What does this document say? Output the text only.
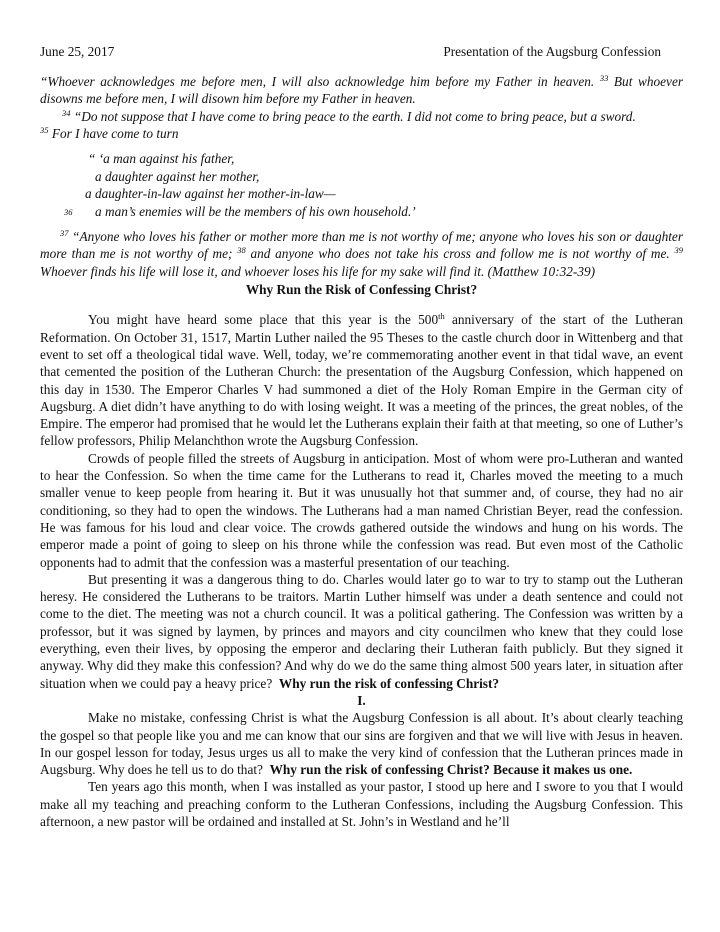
June 25, 2017	Presentation of the Augsburg Confession

“Whoever acknowledges me before men, I will also acknowledge him before my Father in heaven. $^{33}$ But whoever disowns me before men, I will disown him before my Father in heaven.
$^{34}$ “Do not suppose that I have come to bring peace to the earth. I did not come to bring peace, but a sword.
$^{35}$ For I have come to turn

“ ‘a man against his father,
a daughter against her mother,
a daughter-in-law against her mother-in-law—
36 a man’s enemies will be the members of his own household.’

$^{37}$ “Anyone who loves his father or mother more than me is not worthy of me; anyone who loves his son or daughter more than me is not worthy of me; $^{38}$ and anyone who does not take his cross and follow me is not worthy of me. $^{39}$ Whoever finds his life will lose it, and whoever loses his life for my sake will find it. (Matthew 10:32-39)

Why Run the Risk of Confessing Christ?

You might have heard some place that this year is the 500th anniversary of the start of the Lutheran Reformation. On October 31, 1517, Martin Luther nailed the 95 Theses to the castle church door in Wittenberg and that event to set off a theological tidal wave. Well, today, we’re commemorating another event in that tidal wave, an event that cemented the position of the Lutheran Church: the presentation of the Augsburg Confession, which happened on this day in 1530. The Emperor Charles V had summoned a diet of the Holy Roman Empire in the German city of Augsburg. A diet didn’t have anything to do with losing weight. It was a meeting of the princes, the great nobles, of the Empire. The emperor had promised that he would let the Lutherans explain their faith at that meeting, so one of Luther’s fellow professors, Philip Melanchthon wrote the Augsburg Confession.

Crowds of people filled the streets of Augsburg in anticipation. Most of whom were pro-Lutheran and wanted to hear the Confession. So when the time came for the Lutherans to read it, Charles moved the meeting to a much smaller venue to keep people from hearing it. But it was unusually hot that summer and, of course, they had no air conditioning, so they had to open the windows. The Lutherans had a man named Christian Beyer, read the confession. He was famous for his loud and clear voice. The crowds gathered outside the windows and hung on his words. The emperor made a point of going to sleep on his throne while the confession was read. But even most of the Catholic opponents had to admit that the confession was a masterful presentation of our teaching.

But presenting it was a dangerous thing to do. Charles would later go to war to try to stamp out the Lutheran heresy. He considered the Lutherans to be traitors. Martin Luther himself was under a death sentence and could not come to the diet. The meeting was not a church council. It was a political gathering. The Confession was written by a professor, but it was signed by laymen, by princes and mayors and city councilmen who knew that they could lose everything, even their lives, by opposing the emperor and declaring their Lutheran faith publicly. But they signed it anyway. Why did they make this confession? And why do we do the same thing almost 500 years later, in situation after situation when we could pay a heavy price? Why run the risk of confessing Christ?

I.

Make no mistake, confessing Christ is what the Augsburg Confession is all about. It’s about clearly teaching the gospel so that people like you and me can know that our sins are forgiven and that we will live with Jesus in heaven. In our gospel lesson for today, Jesus urges us all to make the very kind of confession that the Lutheran princes made in Augsburg. Why does he tell us to do that? Why run the risk of confessing Christ? Because it makes us one.

Ten years ago this month, when I was installed as your pastor, I stood up here and I swore to you that I would make all my teaching and preaching conform to the Lutheran Confessions, including the Augsburg Confession. This afternoon, a new pastor will be ordained and installed at St. John’s in Westland and he’ll
